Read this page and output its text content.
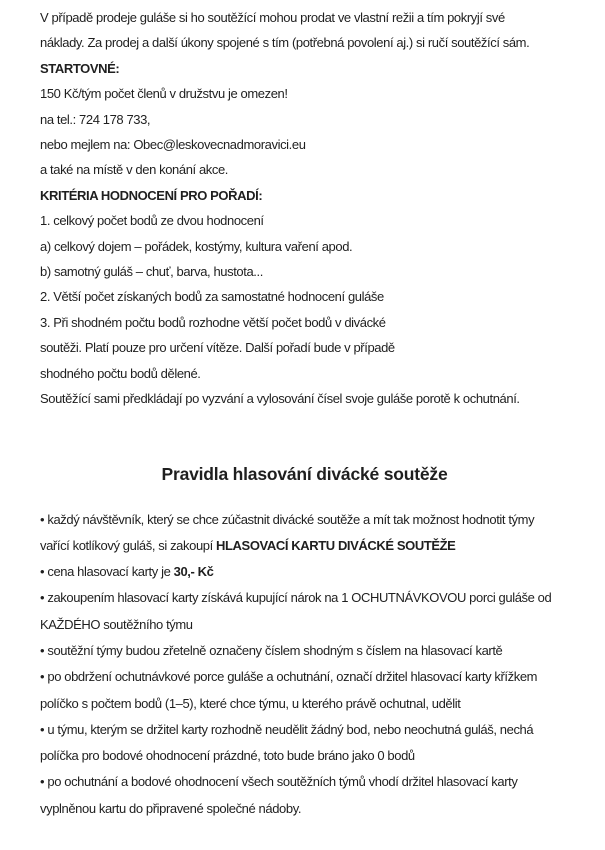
V případě prodeje guláše si ho soutěžící mohou prodat ve vlastní režii a tím pokryjí své
náklady. Za prodej a další úkony spojené s tím (potřebná povolení aj.) si ručí soutěžící sám.
STARTOVNÉ:
150 Kč/tým počet členů v družstvu je omezen!
na tel.: 724 178 733,
nebo mejlem na: Obec@leskovecnadmoravici.eu
a také na místě v den konání akce.
KRITÉRIA HODNOCENÍ PRO POŘADÍ:
1. celkový počet bodů ze dvou hodnocení
a) celkový dojem – pořádek, kostýmy, kultura vaření apod.
b) samotný guláš – chuť, barva, hustota...
2. Větší počet získaných bodů za samostatné hodnocení guláše
3. Při shodném počtu bodů rozhodne větší počet bodů v divácké
soutěži. Platí pouze pro určení vítěze. Další pořadí bude v případě
shodného počtu bodů dělené.
Soutěžící sami předkládají po vyzvání a vylosování čísel svoje guláše porotě k ochutnání.
Pravidla hlasování divácké soutěže
• každý návštěvník, který se chce zúčastnit divácké soutěže a mít tak možnost hodnotit týmy
vařící kotlíkový guláš, si zakoupí HLASOVACÍ KARTU DIVÁCKÉ SOUTĚŽE
• cena hlasovací karty je 30,- Kč
• zakoupením hlasovací karty získává kupující nárok na 1 OCHUTNÁVKOVOU porci guláše od
KAŽDÉHO soutěžního týmu
• soutěžní týmy budou zřetelně označeny číslem shodným s číslem na hlasovací kartě
• po obdržení ochutnávkové porce guláše a ochutnání, označí držitel hlasovací karty křížkem
políčko s počtem bodů (1–5), které chce týmu, u kterého právě ochutnal, udělit
• u týmu, kterým se držitel karty rozhodně neudělit žádný bod, nebo neochutná guláš, nechá
políčka pro bodové ohodnocení prázdné, toto bude bráno jako 0 bodů
• po ochutnání a bodové ohodnocení všech soutěžních týmů vhodí držitel hlasovací karty
vyplněnou kartu do připravené společné nádoby.
